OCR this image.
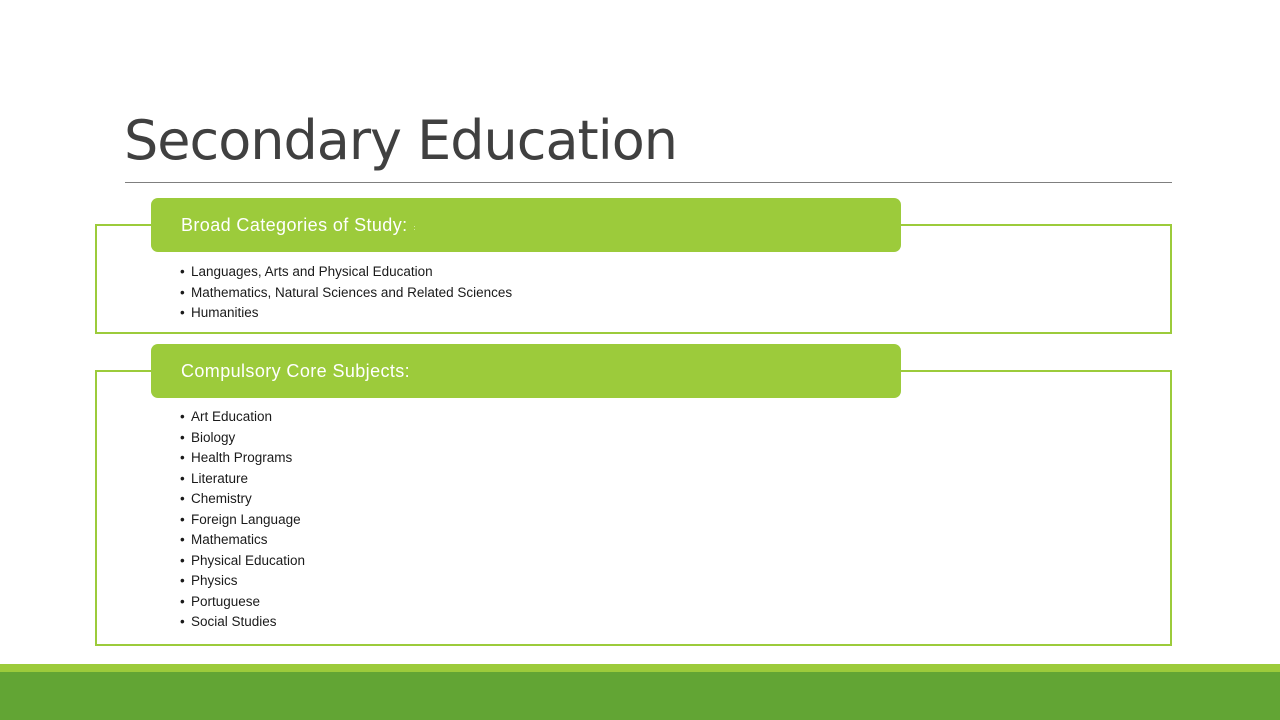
Secondary Education
Broad Categories of Study: :
• Languages, Arts and Physical Education
• Mathematics, Natural Sciences and Related Sciences
• Humanities
Compulsory Core Subjects:
• Art Education
• Biology
• Health Programs
• Literature
• Chemistry
• Foreign Language
• Mathematics
• Physical Education
• Physics
• Portuguese
• Social Studies
